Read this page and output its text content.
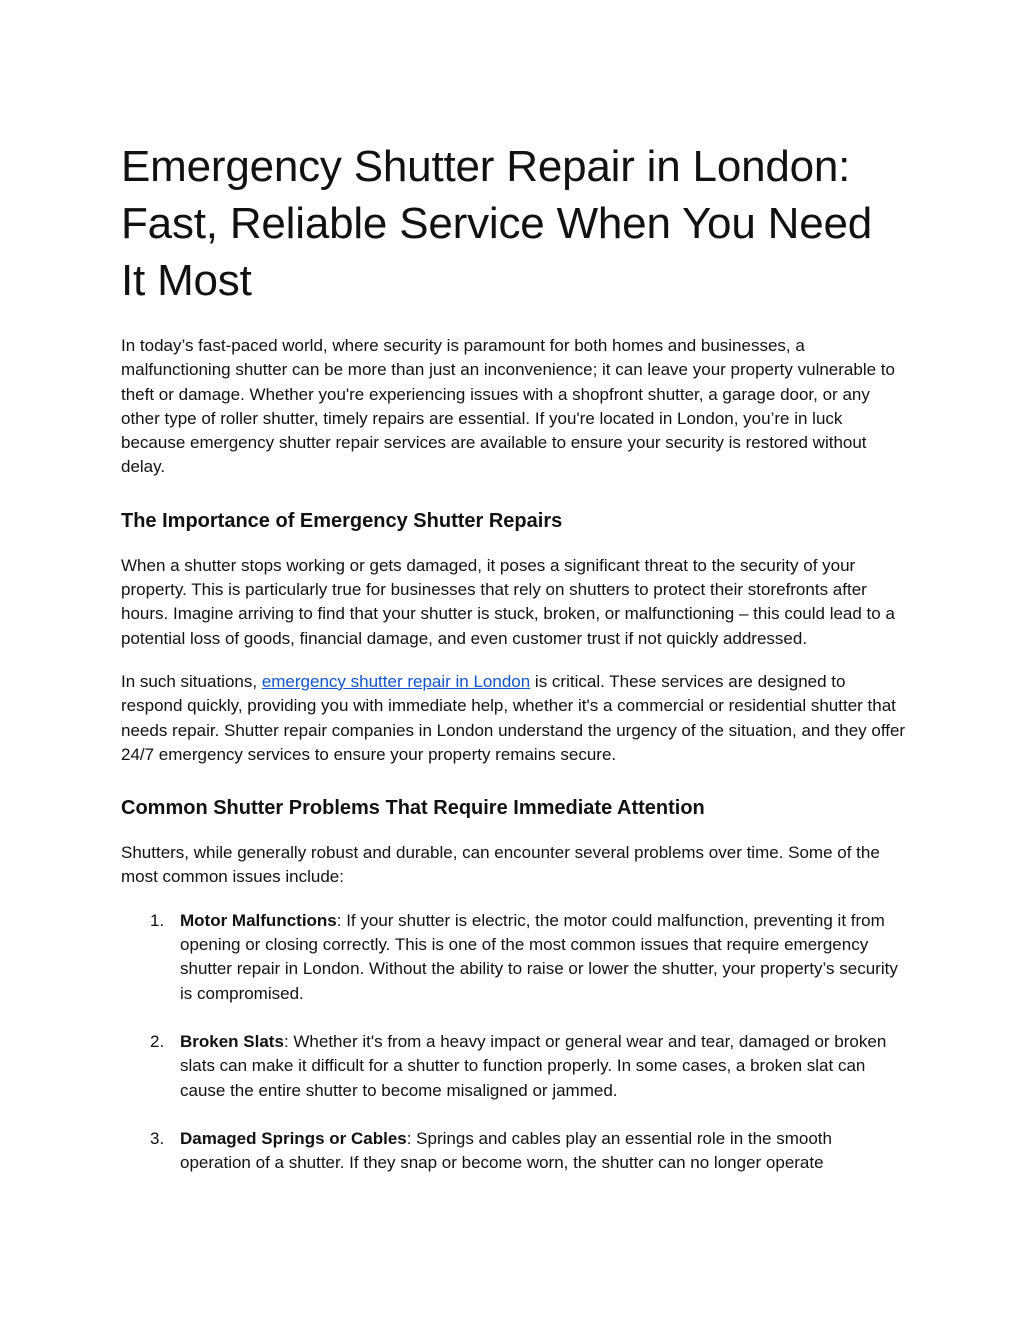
Emergency Shutter Repair in London: Fast, Reliable Service When You Need It Most

In today’s fast-paced world, where security is paramount for both homes and businesses, a malfunctioning shutter can be more than just an inconvenience; it can leave your property vulnerable to theft or damage. Whether you're experiencing issues with a shopfront shutter, a garage door, or any other type of roller shutter, timely repairs are essential. If you're located in London, you’re in luck because emergency shutter repair services are available to ensure your security is restored without delay.

The Importance of Emergency Shutter Repairs

When a shutter stops working or gets damaged, it poses a significant threat to the security of your property. This is particularly true for businesses that rely on shutters to protect their storefronts after hours. Imagine arriving to find that your shutter is stuck, broken, or malfunctioning – this could lead to a potential loss of goods, financial damage, and even customer trust if not quickly addressed.

In such situations, emergency shutter repair in London is critical. These services are designed to respond quickly, providing you with immediate help, whether it's a commercial or residential shutter that needs repair. Shutter repair companies in London understand the urgency of the situation, and they offer 24/7 emergency services to ensure your property remains secure.

Common Shutter Problems That Require Immediate Attention

Shutters, while generally robust and durable, can encounter several problems over time. Some of the most common issues include:

1. Motor Malfunctions: If your shutter is electric, the motor could malfunction, preventing it from opening or closing correctly. This is one of the most common issues that require emergency shutter repair in London. Without the ability to raise or lower the shutter, your property’s security is compromised.
2. Broken Slats: Whether it's from a heavy impact or general wear and tear, damaged or broken slats can make it difficult for a shutter to function properly. In some cases, a broken slat can cause the entire shutter to become misaligned or jammed.
3. Damaged Springs or Cables: Springs and cables play an essential role in the smooth operation of a shutter. If they snap or become worn, the shutter can no longer operate
